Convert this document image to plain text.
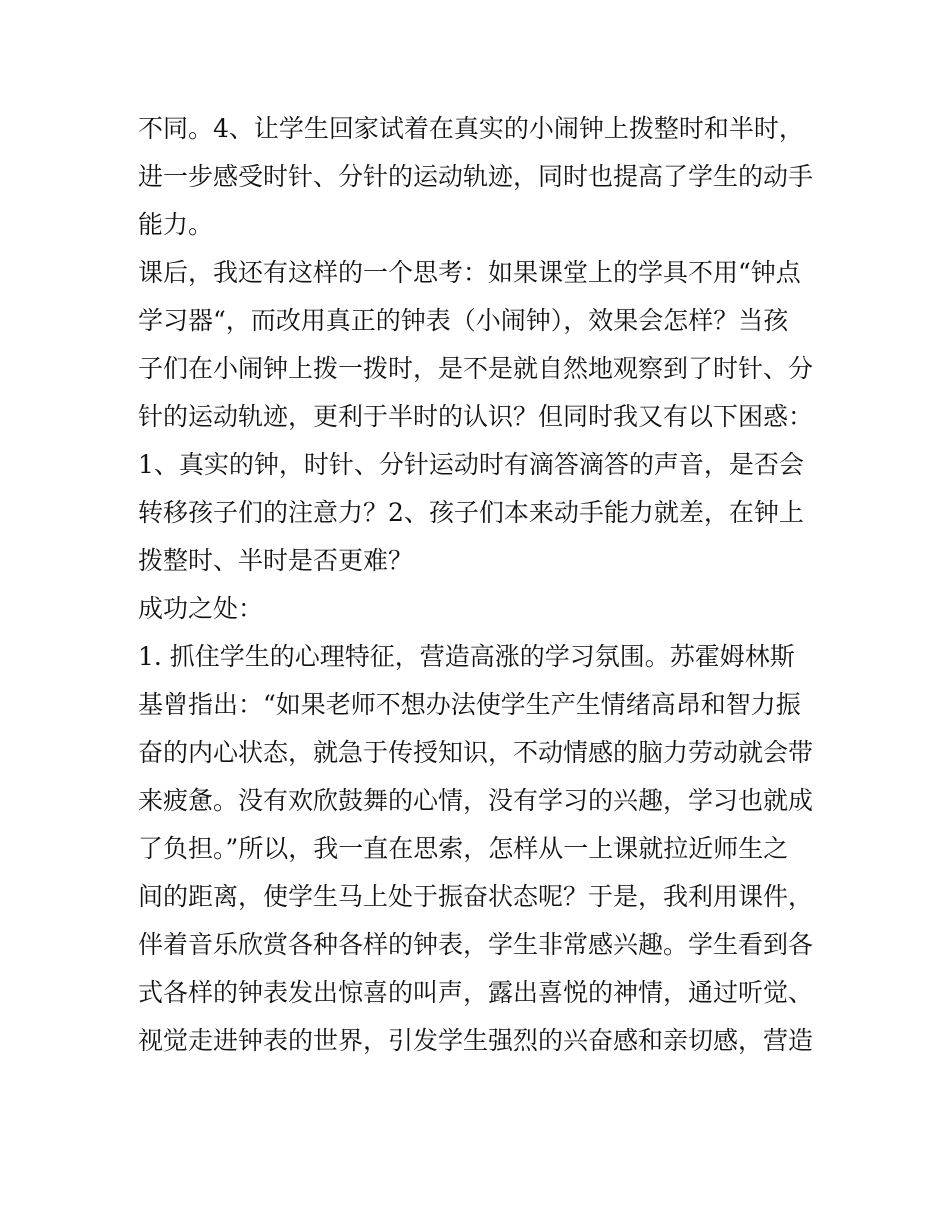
不同。4、让学生回家试着在真实的小闹钟上拨整时和半时，
进一步感受时针、分针的运动轨迹，同时也提高了学生的动手
能力。
课后，我还有这样的一个思考：如果课堂上的学具不用“钟点
学习器“，而改用真正的钟表（小闹钟），效果会怎样？当孩
子们在小闹钟上拨一拨时，是不是就自然地观察到了时针、分
针的运动轨迹，更利于半时的认识？但同时我又有以下困惑：
1、真实的钟，时针、分针运动时有滴答滴答的声音，是否会
转移孩子们的注意力？2、孩子们本来动手能力就差，在钟上
拨整时、半时是否更难？
成功之处：
1. 抓住学生的心理特征，营造高涨的学习氛围。苏霍姆林斯
基曾指出：“如果老师不想办法使学生产生情绪高昂和智力振
奋的内心状态，就急于传授知识，不动情感的脑力劳动就会带
来疲惫。没有欢欣鼓舞的心情，没有学习的兴趣，学习也就成
了负担。”所以，我一直在思索，怎样从一上课就拉近师生之
间的距离，使学生马上处于振奋状态呢？于是，我利用课件，
伴着音乐欣赏各种各样的钟表，学生非常感兴趣。学生看到各
式各样的钟表发出惊喜的叫声，露出喜悦的神情，通过听觉、
视觉走进钟表的世界，引发学生强烈的兴奋感和亲切感，营造
